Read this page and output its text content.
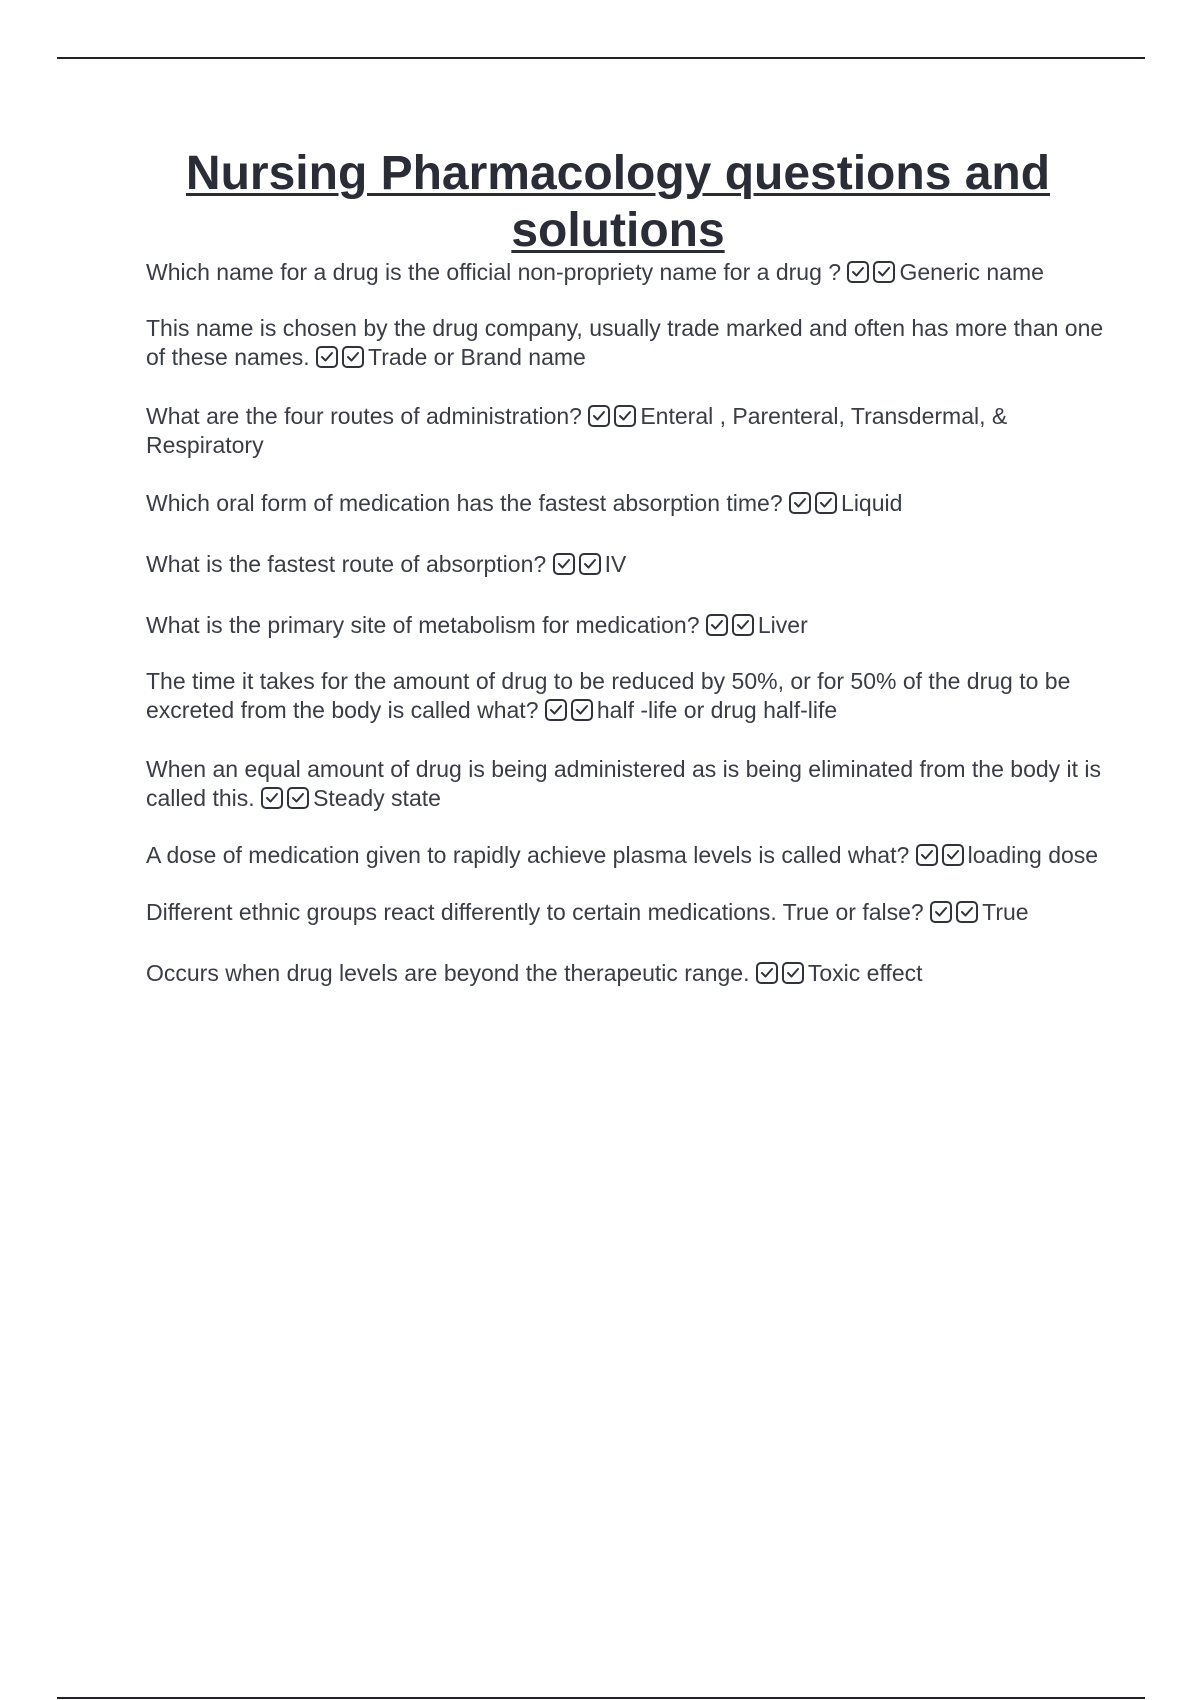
Nursing Pharmacology questions and solutions

Which name for a drug is the official non-propriety name for a drug ?	Generic name

This name is chosen by the drug company, usually trade marked and often has more than one of these names.	Trade or Brand name

What are the four routes of administration?	Enteral , Parenteral, Transdermal, & Respiratory

Which oral form of medication has the fastest absorption time?	Liquid

What is the fastest route of absorption?	IV

What is the primary site of metabolism for medication?	Liver

The time it takes for the amount of drug to be reduced by 50%, or for 50% of the drug to be excreted from the body is called what?	half -life or drug half-life

When an equal amount of drug is being administered as is being eliminated from the body it is called this.	Steady state

A dose of medication given to rapidly achieve plasma levels is called what?	loading dose

Different ethnic groups react differently to certain medications. True or false?	True

Occurs when drug levels are beyond the therapeutic range.	Toxic effect
